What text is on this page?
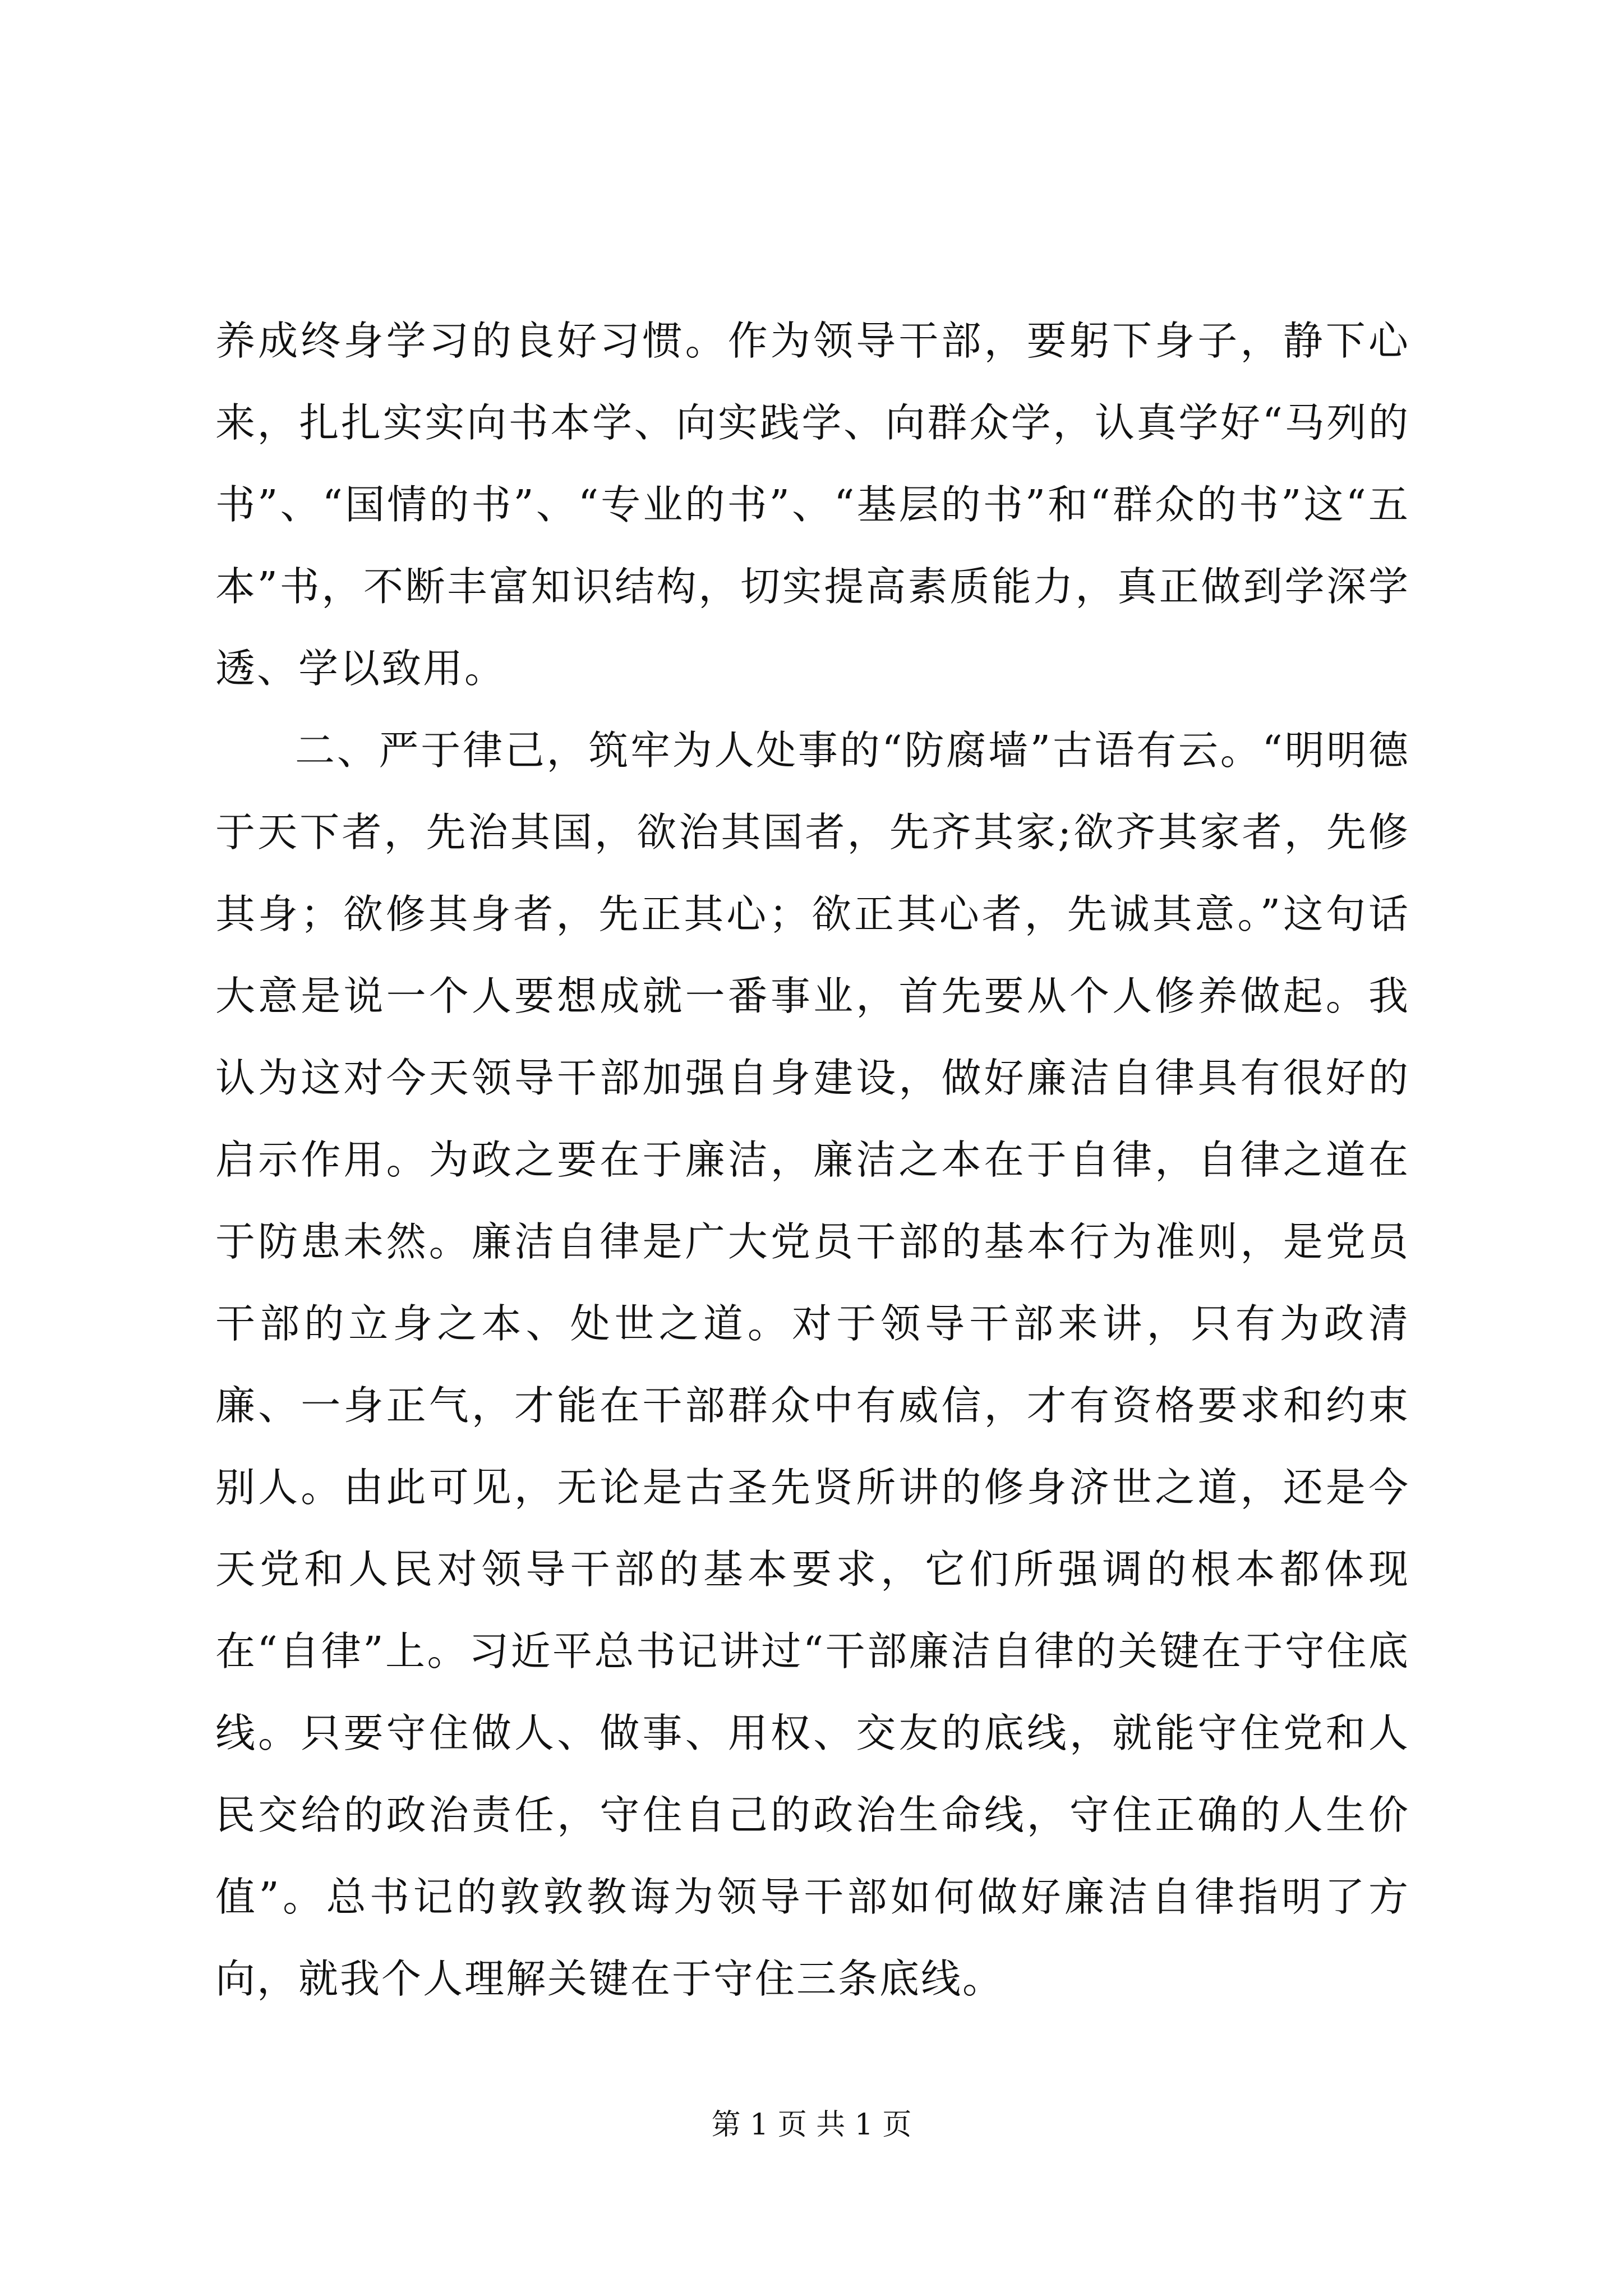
养成终身学习的良好习惯。作为领导干部，要躬下身子，静下心来，扎扎实实向书本学、向实践学、向群众学，认真学好“马列的书”、“国情的书”、“专业的书”、“基层的书”和“群众的书”这“五本”书，不断丰富知识结构，切实提高素质能力，真正做到学深学透、学以致用。

二、严于律己，筑牢为人处事的“防腐墙”古语有云。“明明德于天下者，先治其国，欲治其国者，先齐其家;欲齐其家者，先修其身；欲修其身者，先正其心；欲正其心者，先诚其意。”这句话大意是说一个人要想成就一番事业，首先要从个人修养做起。我认为这对今天领导干部加强自身建设，做好廉洁自律具有很好的启示作用。为政之要在于廉洁，廉洁之本在于自律，自律之道在于防患未然。廉洁自律是广大党员干部的基本行为准则，是党员干部的立身之本、处世之道。对于领导干部来讲，只有为政清廉、一身正气，才能在干部群众中有威信，才有资格要求和约束别人。由此可见，无论是古圣先贤所讲的修身济世之道，还是今天党和人民对领导干部的基本要求，它们所强调的根本都体现在“自律”上。习近平总书记讲过“干部廉洁自律的关键在于守住底线。只要守住做人、做事、用权、交友的底线，就能守住党和人民交给的政治责任，守住自己的政治生命线，守住正确的人生价值”。总书记的敦敦教诲为领导干部如何做好廉洁自律指明了方向，就我个人理解关键在于守住三条底线。

第 1 页 共 1 页
